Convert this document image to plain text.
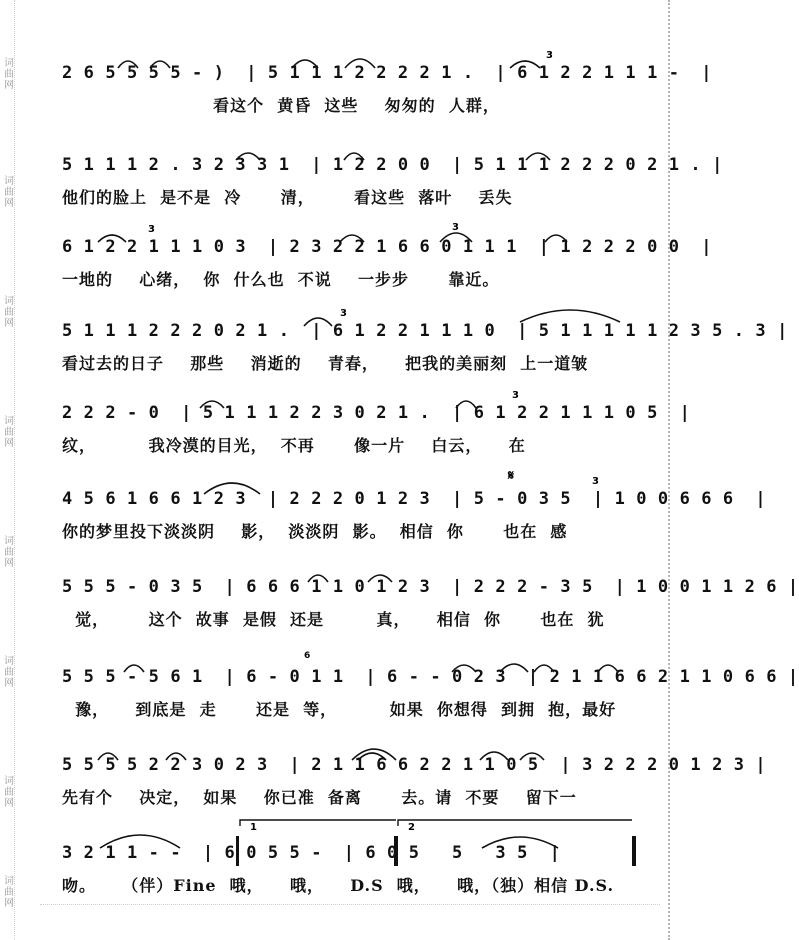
词
曲
网
词
曲
网
词
曲
网
词
曲
网
词
曲
网
词
曲
网
词
曲
网
词
曲
网
3
2 6 5 5 5 5 - )  | 5 1 1 1 2 2 2 2 1 .  | 6 1 2 2 1 1 1 -  |
看这个  黄昏  这些    匆匆的  人群，
5 1 1 1 2 . 3 2 3 3 1  | 1 2 2 0 0  | 5 1 1 1 2 2 2 0 2 1 . |
他们的脸上  是不是  冷      清，      看这些  落叶    丢失
3	3
6 1 2 2 1 1 1 0 3  | 2 3 2 2 1 6 6 0 1 1 1  | 1 2 2 2 0 0  |
一地的    心绪，  你  什么也  不说    一步步      靠近。
3
5 1 1 1 2 2 2 0 2 1 .  | 6 1 2 2 1 1 1 0  | 5 1 1 1 1 1 2 3 5 . 3 |
看过去的日子    那些    消逝的    青春，    把我的美丽刻  上一道皱
3
2 2 2 - 0  | 5 1 1 1 2 2 3 0 2 1 .  | 6 1 2 2 1 1 1 0 5  |
纹，        我冷漠的目光，  不再      像一片    白云，    在
𝄋	3
4 5 6 1 6 6 1 2 3  | 2 2 2 0 1 2 3  | 5 - 0 3 5  | 1 0 0 6 6 6  |
你的梦里投下淡淡阴    影，  淡淡阴  影。  相信  你      也在  感
5 5 5 - 0 3 5  | 6 6 6 1 1 0 1 2 3  | 2 2 2 - 3 5  | 1 0 0 1 1 2 6 |
觉，      这个  故事  是假  还是        真，    相信  你      也在  犹
6
5 5 5 - 5 6 1  | 6 - 0 1 1  | 6 - - 0 2 3  | 2 1 1 6 6 2 1 1 0 6 6 |
豫，    到底是  走      还是  等，        如果  你想得  到拥  抱，最好
5 5 5 5 2 2 3 0 2 3  | 2 1 1 6 6 2 2 1 1 0 5  | 3 2 2 2 0 1 2 3 |
先有个    决定，  如果    你已准  备离      去。请  不要    留下一
1	2
3 2 1 1 - -  | 6 0 5 5 -  | 6 0 5   5   3 5  |
吻。    （伴）Fine  哦，    哦，    D.S  哦，    哦，（独）相信 D.S.
